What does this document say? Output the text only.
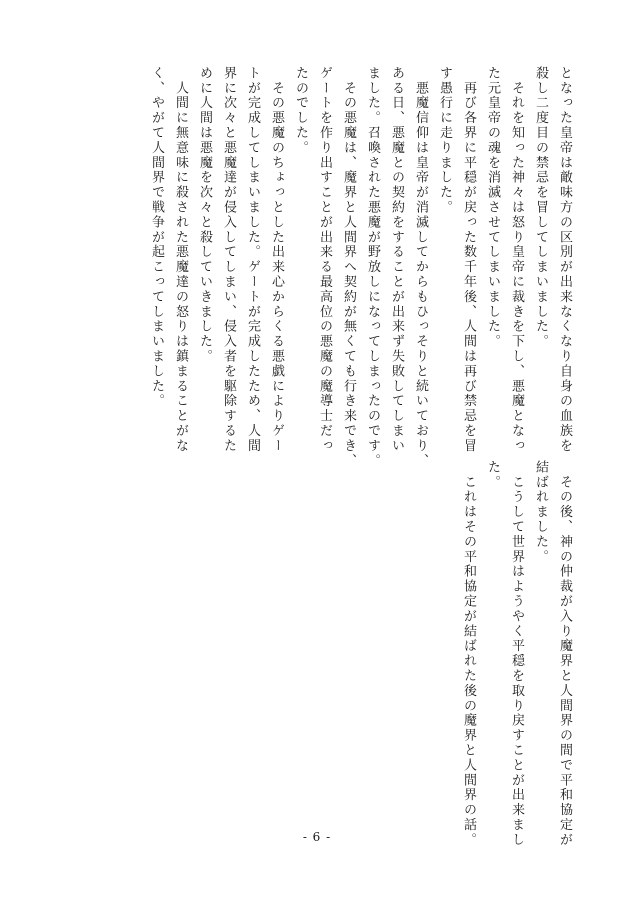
となった皇帝は敵味方の区別が出来なくなり自身の血族を

殺し二度目の禁忌を冒してしまいました。

　それを知った神々は怒り皇帝に裁きを下し、悪魔となっ

た元皇帝の魂を消滅させてしまいました。

　再び各界に平穏が戻った数千年後、人間は再び禁忌を冒

す愚行に走りました。

　悪魔信仰は皇帝が消滅してからもひっそりと続いており、

ある日、悪魔との契約をすることが出来ず失敗してしまい

ました。召喚された悪魔が野放しになってしまったのです。

　その悪魔は、魔界と人間界へ契約が無くても行き来でき、

ゲートを作り出すことが出来る最高位の悪魔の魔導士だっ

たのでした。

　その悪魔のちょっとした出来心からくる悪戯によりゲー

トが完成してしまいました。ゲートが完成したため、人間

界に次々と悪魔達が侵入してしまい、侵入者を駆除するた

めに人間は悪魔を次々と殺していきました。

　人間に無意味に殺された悪魔達の怒りは鎮まることがな

く、やがて人間界で戦争が起こってしまいました。

　その後、神の仲裁が入り魔界と人間界の間で平和協定が

結ばれました。

　こうして世界はようやく平穏を取り戻すことが出来まし

た。

　これはその平和協定が結ばれた後の魔界と人間界の話。

- 6 -
